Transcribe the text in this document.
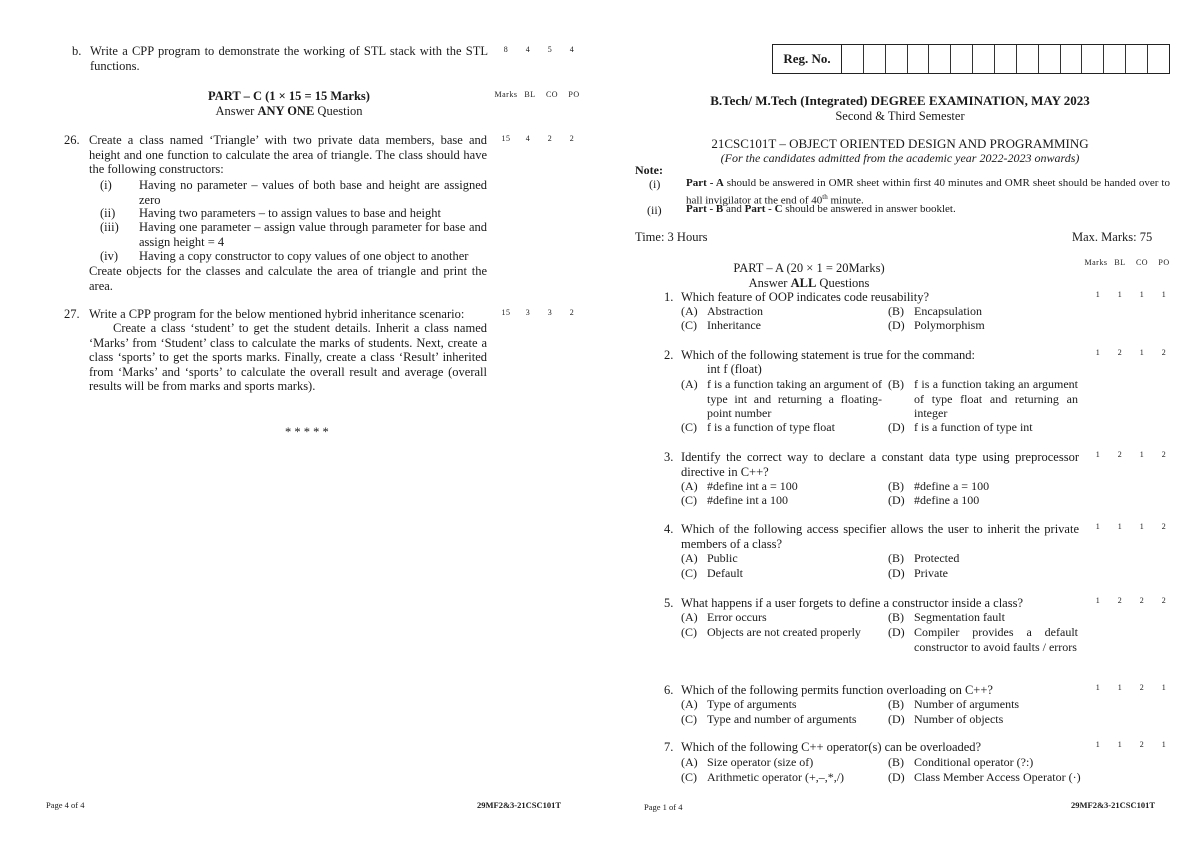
b. Write a CPP program to demonstrate the working of STL stack with the STL functions.
8 4 5 4
PART – C (1 × 15 = 15 Marks)
Answer ANY ONE Question
Marks BL CO PO
26. Create a class named ‘Triangle’ with two private data members, base and height and one function to calculate the area of triangle. The class should have the following constructors:
15 4 2 2
(i) Having no parameter – values of both base and height are assigned zero
(ii) Having two parameters – to assign values to base and height
(iii) Having one parameter – assign value through parameter for base and assign height = 4
(iv) Having a copy constructor to copy values of one object to another
Create objects for the classes and calculate the area of triangle and print the area.
27. Write a CPP program for the below mentioned hybrid inheritance scenario:	15 3 3 2
Create a class ‘student’ to get the student details. Inherit a class named ‘Marks’ from ‘Student’ class to calculate the marks of students. Next, create a class ‘sports’ to get the sports marks. Finally, create a class ‘Result’ inherited from ‘Marks’ and ‘sports’ to calculate the overall result and average (overall results will be from marks and sports marks).
* * * * *
Page 4 of 4	29MF2&3-21CSC101T
Reg. No.
B.Tech/ M.Tech (Integrated) DEGREE EXAMINATION, MAY 2023
Second & Third Semester
21CSC101T – OBJECT ORIENTED DESIGN AND PROGRAMMING
(For the candidates admitted from the academic year 2022-2023 onwards)
Note:
(i) Part - A should be answered in OMR sheet within first 40 minutes and OMR sheet should be handed over to hall invigilator at the end of 40th minute.
(ii) Part - B and Part - C should be answered in answer booklet.
Time: 3 Hours	Max. Marks: 75
PART – A (20 × 1 = 20Marks)
Answer ALL Questions
Marks BL CO PO
1. Which feature of OOP indicates code reusability?	1 1 1 1
(A) Abstraction	(B) Encapsulation
(C) Inheritance	(D) Polymorphism
2. Which of the following statement is true for the command:
int f (float)
1 2 1 2
(A) f is a function taking an argument of type int and returning a floating-point number
(B) f is a function taking an argument of type float and returning an integer
(C) f is a function of type float	(D) f is a function of type int
3. Identify the correct way to declare a constant data type using preprocessor directive in C++?
1 2 1 2
(A) #define int a = 100	(B) #define a = 100
(C) #define int a 100	(D) #define a 100
4. Which of the following access specifier allows the user to inherit the private members of a class?
1 1 1 2
(A) Public	(B) Protected
(C) Default	(D) Private
5. What happens if a user forgets to define a constructor inside a class?	1 2 2 2
(A) Error occurs	(B) Segmentation fault
(C) Objects are not created properly (D) Compiler provides a default constructor to avoid faults / errors
6. Which of the following permits function overloading on C++?	1 1 2 1
(A) Type of arguments	(B) Number of arguments
(C) Type and number of arguments	(D) Number of objects
7. Which of the following C++ operator(s) can be overloaded?	1 1 2 1
(A) Size operator (size of)	(B) Conditional operator (?:)
(C) Arithmetic operator (+,–,*,/)	(D) Class Member Access Operator (·)
Page 1 of 4	29MF2&3-21CSC101T
